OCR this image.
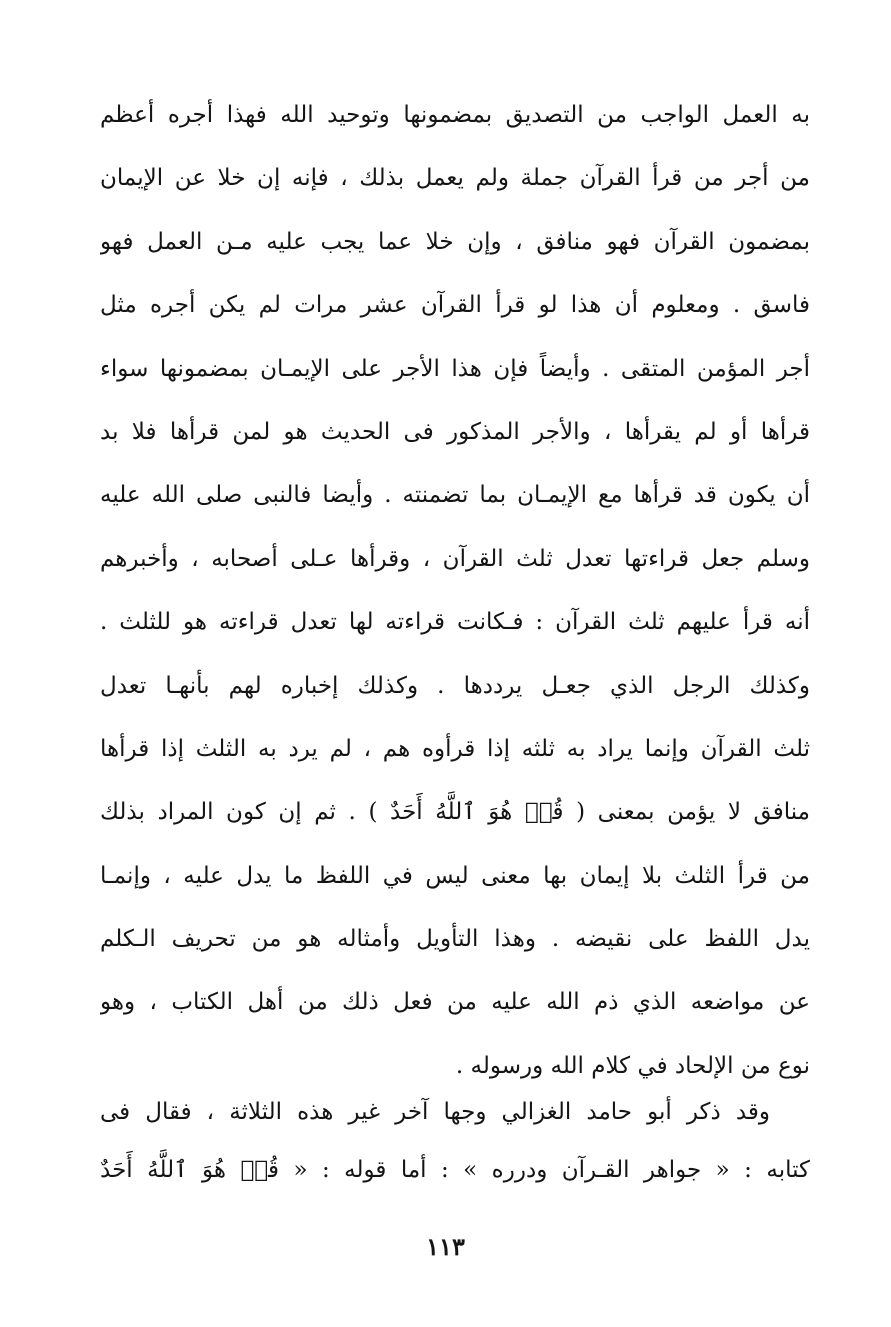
به العمل الواجب من التصديق بمضمونها وتوحيد الله فهذا أجره أعظم
من أجر من قرأ القرآن جملة ولم يعمل بذلك ، فإنه إن خلا عن الإيمان
بمضمون القرآن فهو منافق ، وإن خلا عما يجب عليه مـن العمل فهو
فاسق . ومعلوم أن هذا لو قرأ القرآن عشر مرات لم يكن أجره مثل
أجر المؤمن المتقى . وأيضاً فإن هذا الأجر على الإيمـان بمضمونها سواء
قرأها أو لم يقرأها ، والأجر المذكور فى الحديث هو لمن قرأها فلا بد
أن يكون قد قرأها مع الإيمـان بما تضمنته . وأيضا فالنبى صلى الله عليه
وسلم جعل قراءتها تعدل ثلث القرآن ، وقرأها عـلى أصحابه ، وأخبرهم
أنه قرأ عليهم ثلث القرآن : فـكانت قراءته لها تعدل قراءته هو للثلث .
وكذلك الرجل الذي جعـل يرددها . وكذلك إخباره لهم بأنهـا تعدل
ثلث القرآن وإنما يراد به ثلثه إذا قرأوه هم ، لم يرد به الثلث إذا قرأها
منافق لا يؤمن بمعنى ( قُلۡ هُوَ ٱللَّهُ أَحَدٌ ) . ثم إن كون المراد بذلك
من قرأ الثلث بلا إيمان بها معنى ليس في اللفظ ما يدل عليه ، وإنمـا
يدل اللفظ على نقيضه . وهذا التأويل وأمثاله هو من تحريف الـكلم
عن مواضعه الذي ذم الله عليه من فعل ذلك من أهل الكتاب ، وهو
نوع من الإلحاد في كلام الله ورسوله .
وقد ذكر أبو حامد الغزالي وجها آخر غير هذه الثلاثة ، فقال فى
كتابه : « جواهر القـرآن ودرره » : أما قوله : « قُلۡ هُوَ ٱللَّهُ أَحَدٌ
١١٣
